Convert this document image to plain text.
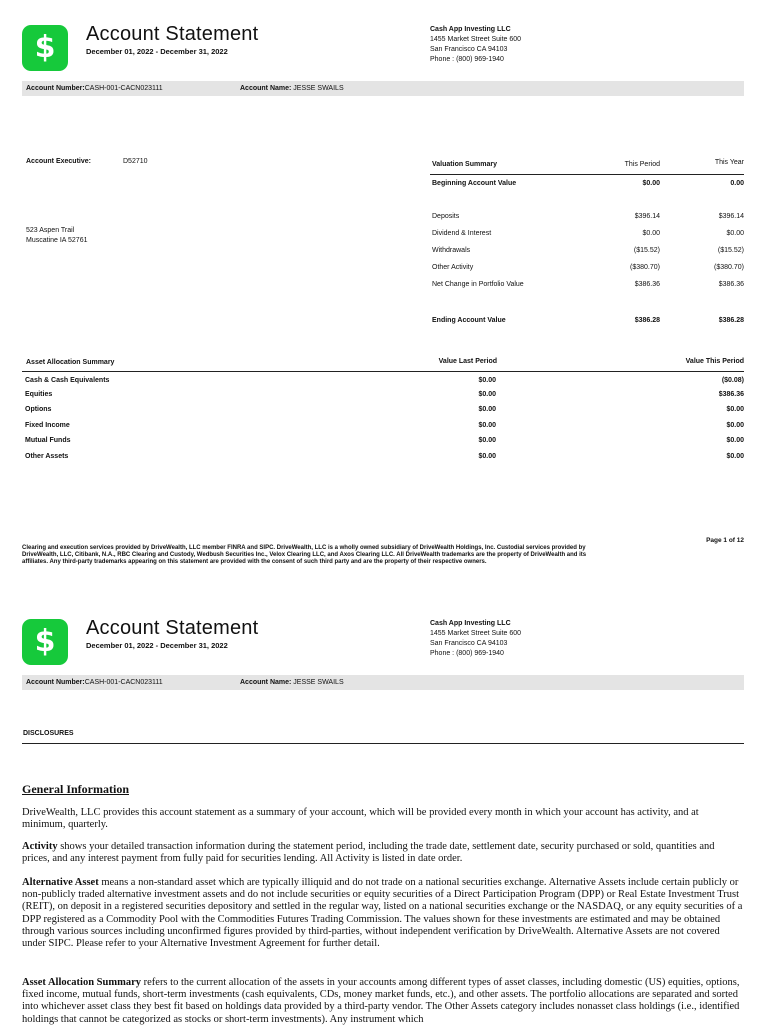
$ Account Statement
December 01, 2022 - December 31, 2022
Cash App Investing LLC
1455 Market Street Suite 600
San Francisco CA 94103
Phone : (800) 969-1940
Account Number:CASH-001-CACN023111	Account Name: JESSE SWAILS
Account Executive:	D52710
523 Aspen Trail
Muscatine IA 52761
Valuation Summary	This Period	This Year
Beginning Account Value	$0.00	0.00
Deposits	$396.14	$396.14
Dividend & Interest	$0.00	$0.00
Withdrawals	($15.52)	($15.52)
Other Activity	($380.70)	($380.70)
Net Change in Portfolio Value	$386.36	$386.36
Ending Account Value	$386.28	$386.28
Asset Allocation Summary	Value Last Period	Value This Period
Cash & Cash Equivalents	$0.00	($0.08)
Equities	$0.00	$386.36
Options	$0.00	$0.00
Fixed Income	$0.00	$0.00
Mutual Funds	$0.00	$0.00
Other Assets	$0.00	$0.00
Page 1 of 12
Clearing and execution services provided by DriveWealth, LLC member FINRA and SIPC. DriveWealth, LLC is a wholly owned subsidiary of DriveWealth Holdings, Inc. Custodial services provided by DriveWealth, LLC, Citibank, N.A., RBC Clearing and Custody, Wedbush Securities Inc., Velox Clearing LLC, and Axos Clearing LLC. All DriveWealth trademarks are the property of DriveWealth and its affiliates. Any third-party trademarks appearing on this statement are provided with the consent of such third party and are the property of their respective owners.
$ Account Statement
December 01, 2022 - December 31, 2022
Cash App Investing LLC
1455 Market Street Suite 600
San Francisco CA 94103
Phone : (800) 969-1940
Account Number:CASH-001-CACN023111	Account Name: JESSE SWAILS
DISCLOSURES
General Information
DriveWealth, LLC provides this account statement as a summary of your account, which will be provided every month in which your account has activity, and at minimum, quarterly.
Activity shows your detailed transaction information during the statement period, including the trade date, settlement date, security purchased or sold, quantities and prices, and any interest payment from fully paid for securities lending. All Activity is listed in date order.
Alternative Asset means a non-standard asset which are typically illiquid and do not trade on a national securities exchange. Alternative Assets include certain publicly or non-publicly traded alternative investment assets and do not include securities or equity securities of a Direct Participation Program (DPP) or Real Estate Investment Trust (REIT), on deposit in a registered securities depository and settled in the regular way, listed on a national securities exchange or the NASDAQ, or any equity securities of a DPP registered as a Commodity Pool with the Commodities Futures Trading Commission. The values shown for these investments are estimated and may be obtained through various sources including unconfirmed figures provided by third-parties, without independent verification by DriveWealth. Alternative Assets are not covered under SIPC. Please refer to your Alternative Investment Agreement for further detail.
Asset Allocation Summary refers to the current allocation of the assets in your accounts among different types of asset classes, including domestic (US) equities, options, fixed income, mutual funds, short-term investments (cash equivalents, CDs, money market funds, etc.), and other assets. The portfolio allocations are separated and sorted into whichever asset class they best fit based on holdings data provided by a third-party vendor. The Other Assets category includes nonasset class holdings (i.e., identified holdings that cannot be categorized as stocks or short-term investments). Any instrument which
